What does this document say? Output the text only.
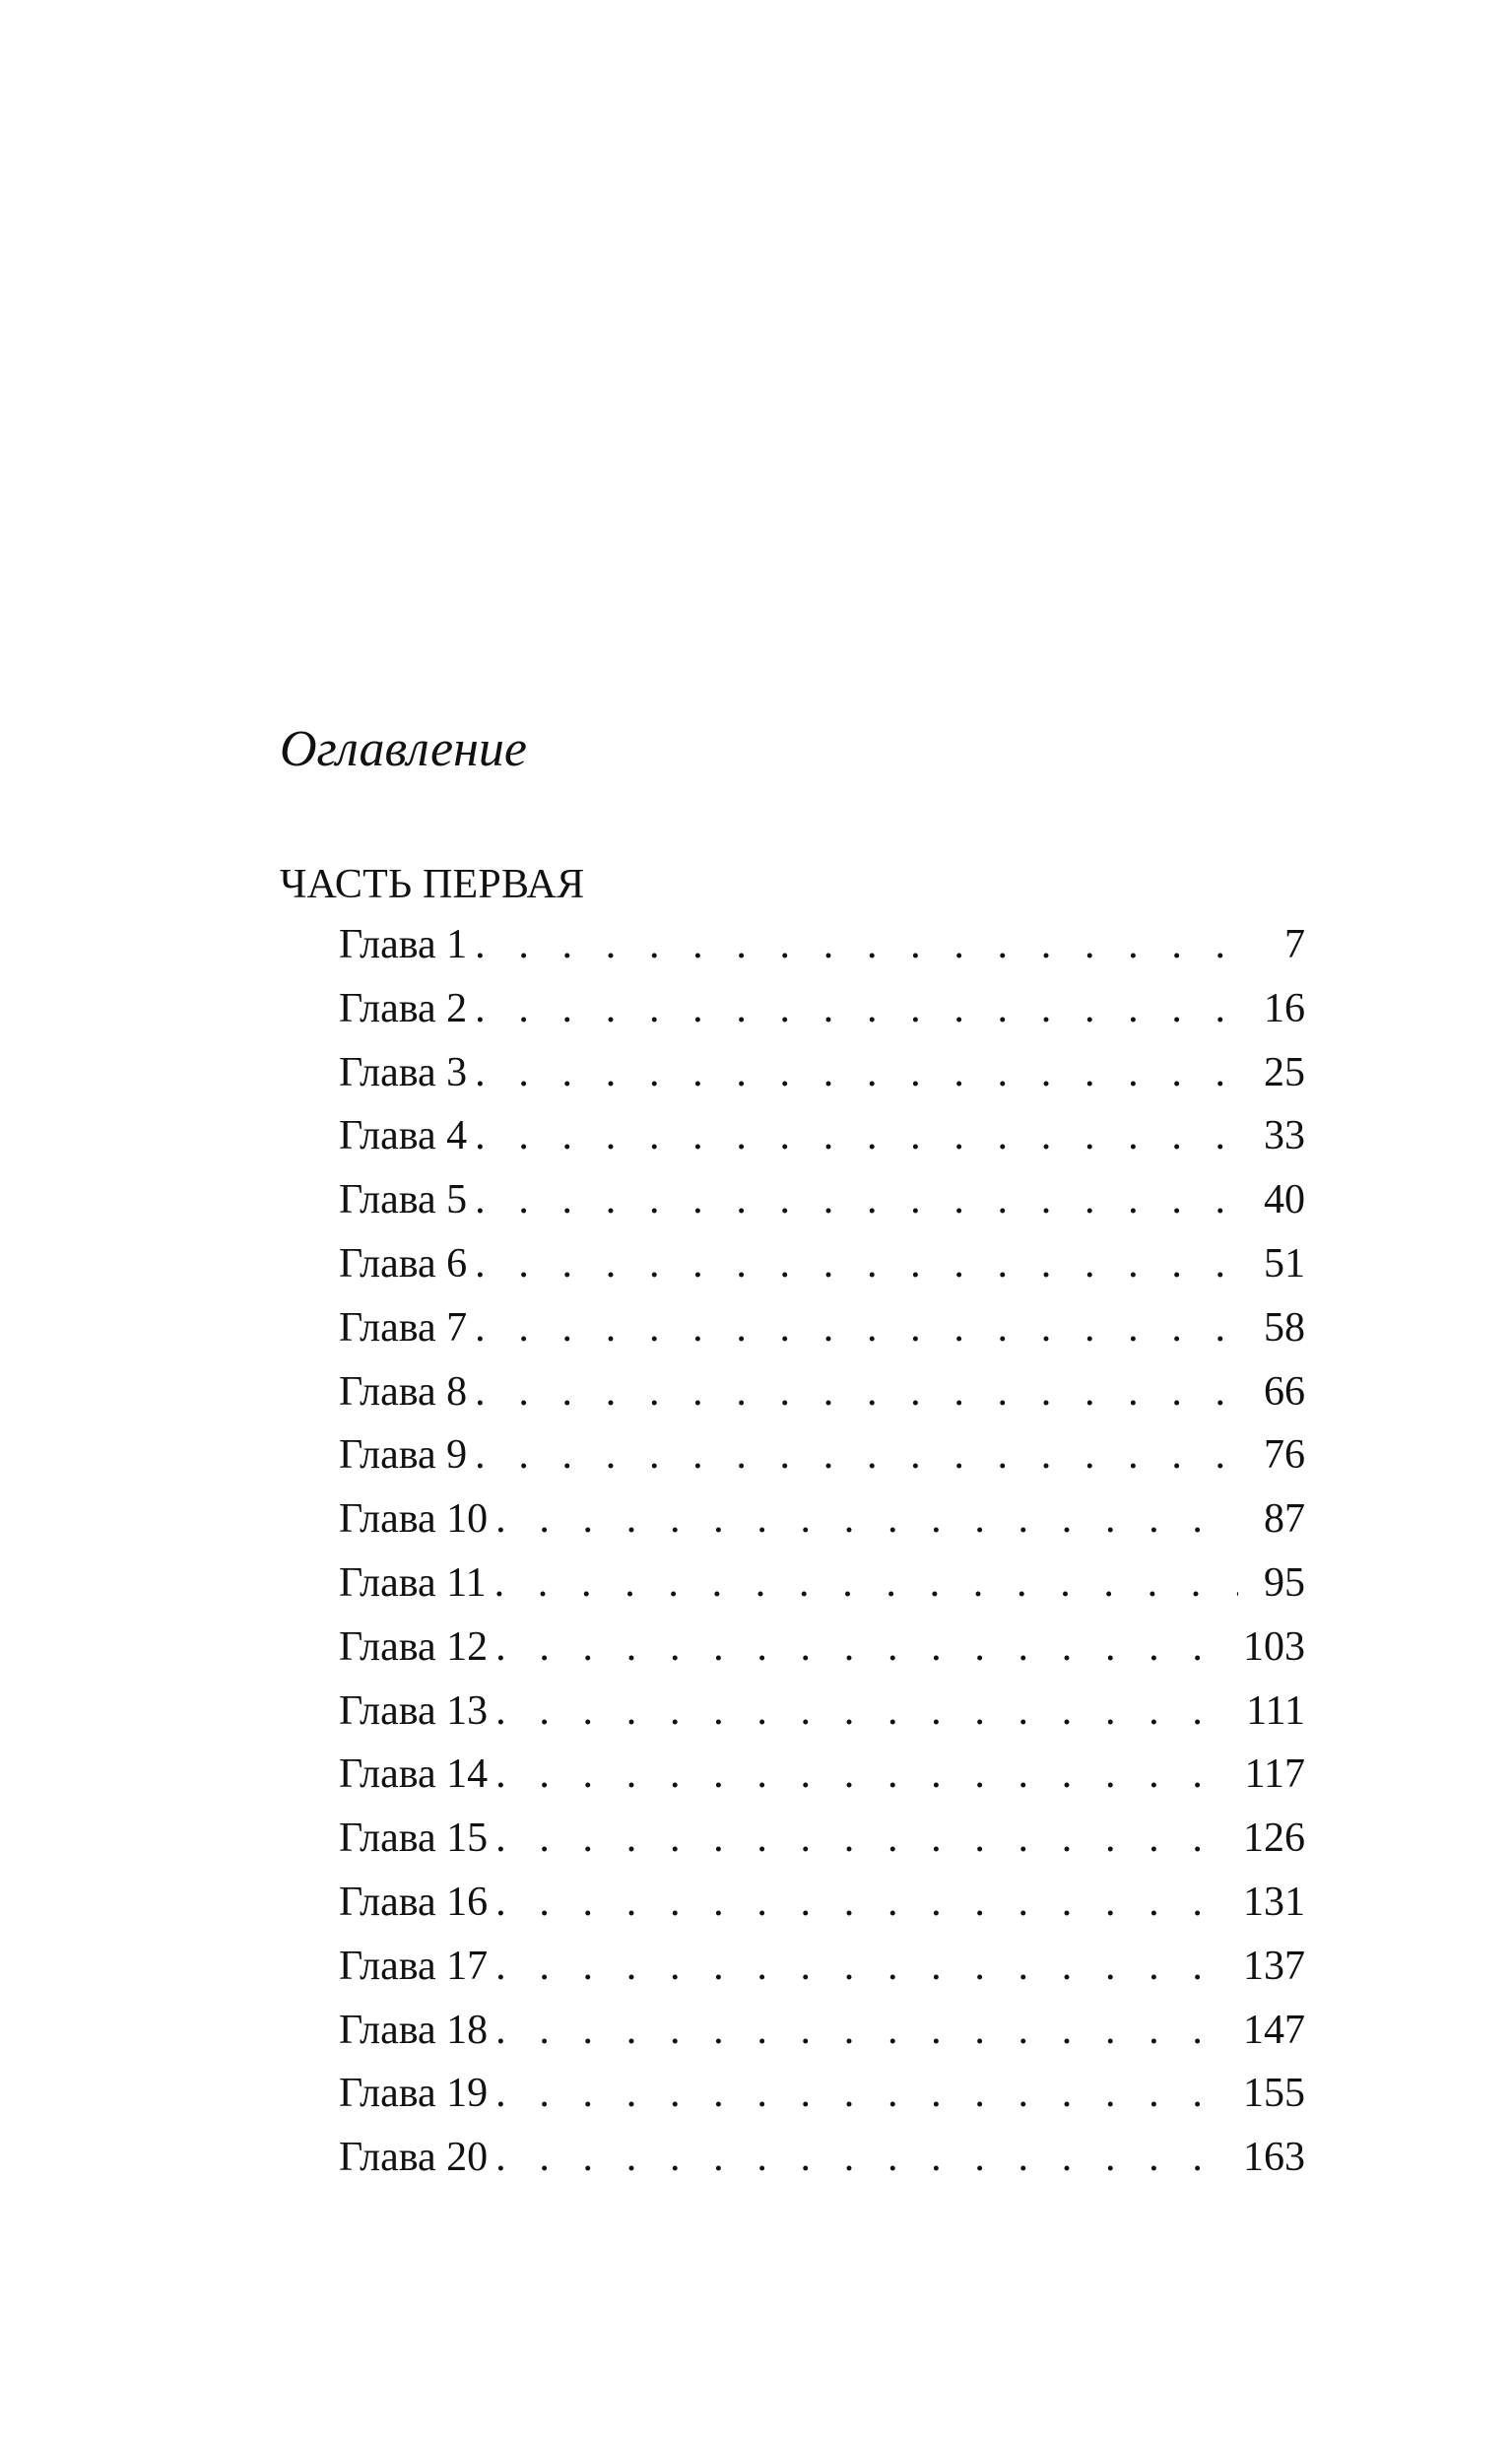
Оглавление
ЧАСТЬ ПЕРВАЯ
Глава 1 . . .	7
Глава 2 . . .	16
Глава 3 . . .	25
Глава 4 . . .	33
Глава 5 . . .	40
Глава 6 . . .	51
Глава 7 . . .	58
Глава 8 . . .	66
Глава 9 . . .	76
Глава 10 . . .	87
Глава 11 . . .	95
Глава 12 . . .	103
Глава 13 . . .	111
Глава 14 . . .	117
Глава 15 . . .	126
Глава 16 . . .	131
Глава 17 . . .	137
Глава 18 . . .	147
Глава 19 . . .	155
Глава 20 . . .	163
